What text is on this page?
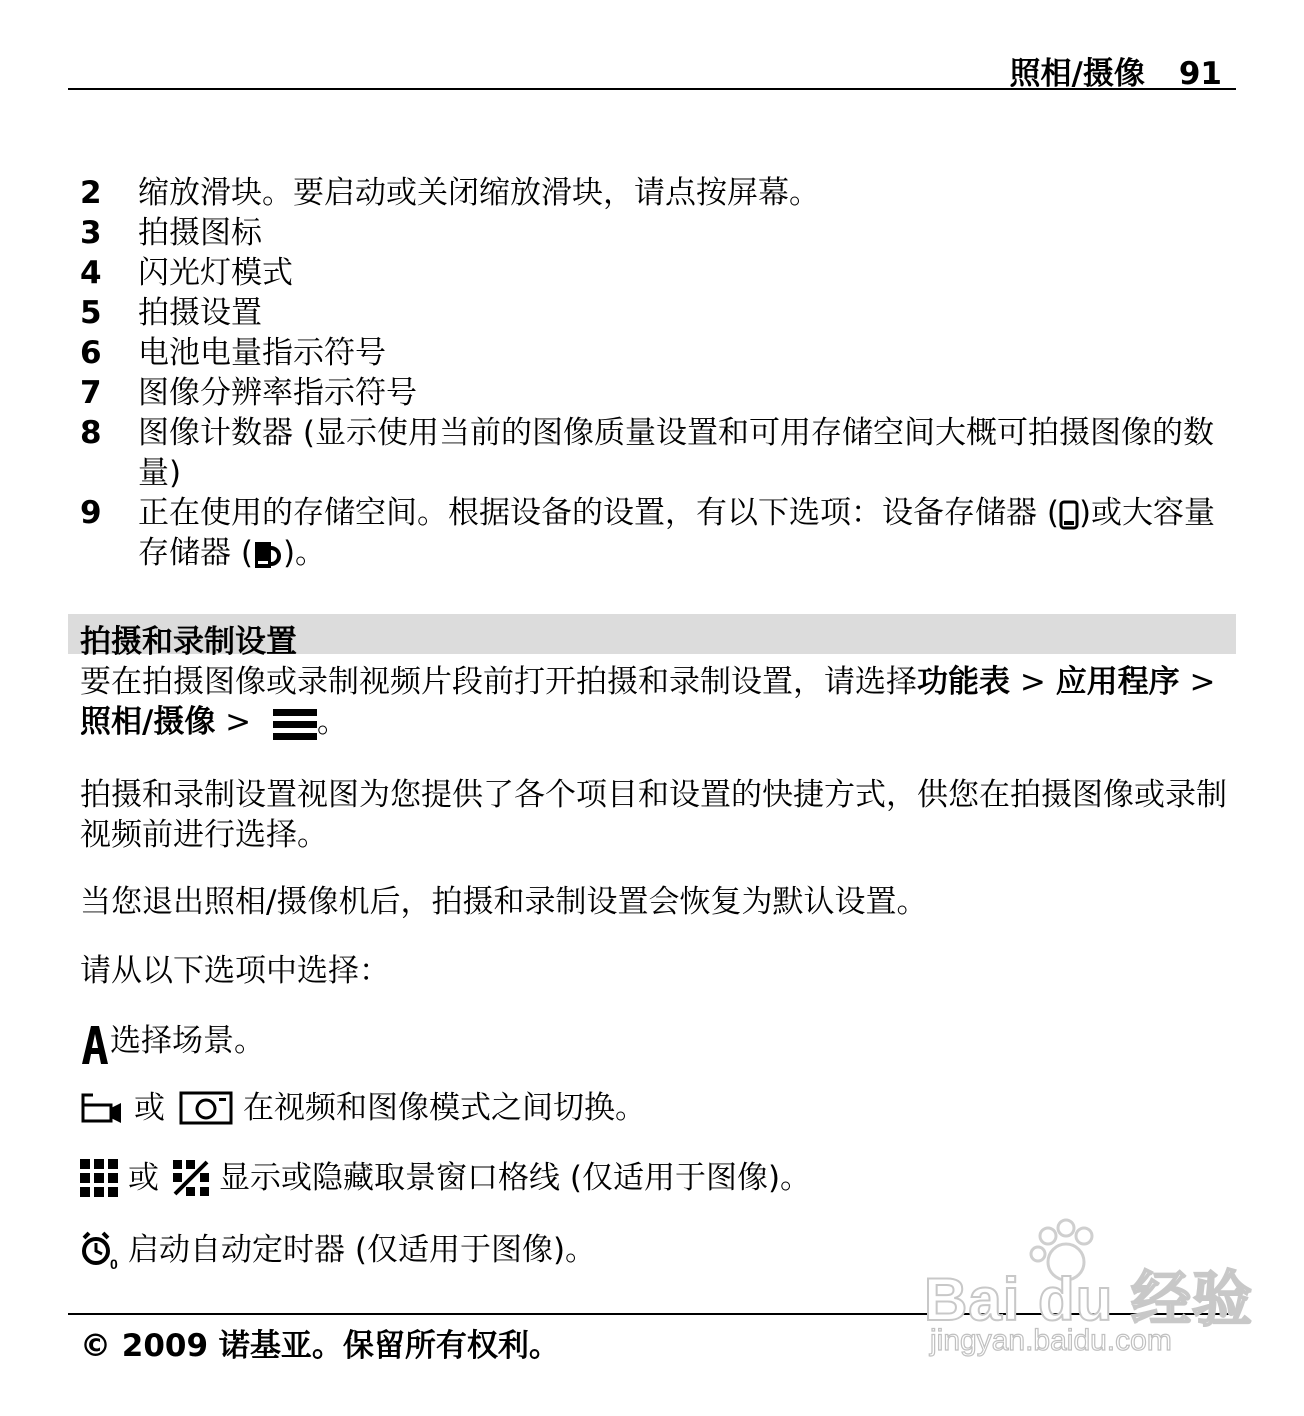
照相/摄像 91
2	缩放滑块。要启动或关闭缩放滑块，请点按屏幕。
3	拍摄图标
4	闪光灯模式
5	拍摄设置
6	电池电量指示符号
7	图像分辨率指示符号
8	图像计数器 (显示使用当前的图像质量设置和可用存储空间大概可拍摄图像的数量)
9	正在使用的存储空间。根据设备的设置，有以下选项：设备存储器 ( )或大容量存储器 ( )。
拍摄和录制设置
要在拍摄图像或录制视频片段前打开拍摄和录制设置，请选择功能表 > 应用程序 > 照相/摄像 > 。
拍摄和录制设置视图为您提供了各个项目和设置的快捷方式，供您在拍摄图像或录制视频前进行选择。
当您退出照相/摄像机后，拍摄和录制设置会恢复为默认设置。
请从以下选项中选择：
选择场景。
或	在视频和图像模式之间切换。
或 显示或隐藏取景窗口格线 (仅适用于图像)。
0 启动自动定时器 (仅适用于图像)。
© 2009 诺基亚。保留所有权利。
Bai du 经验
jingyan.baidu.com
